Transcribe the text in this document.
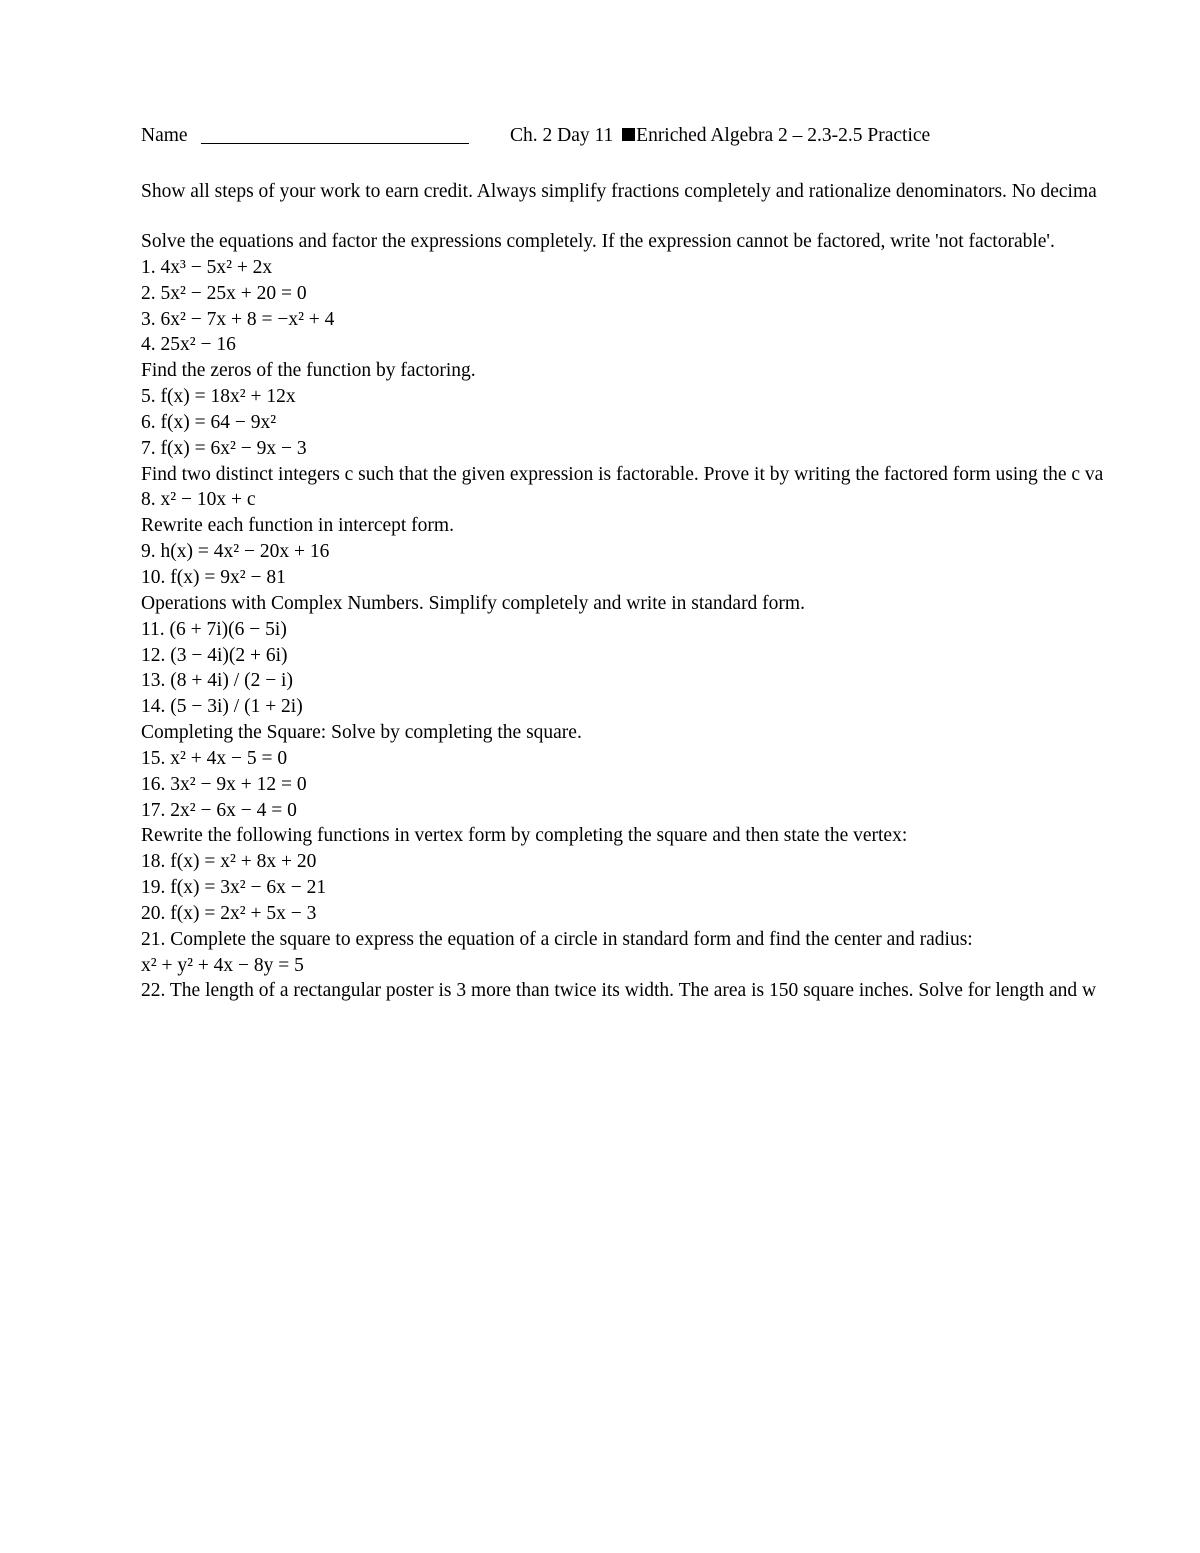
Name	Ch. 2 Day 11 Enriched Algebra 2 – 2.3-2.5 Practice
Show all steps of your work to earn credit. Always simplify fractions completely and rationalize denominators. No decima
Solve the equations and factor the expressions completely. If the expression cannot be factored, write 'not factorable'.
1. 4x³ − 5x² + 2x
2. 5x² − 25x + 20 = 0
3. 6x² − 7x + 8 = −x² + 4
4. 25x² − 16
Find the zeros of the function by factoring.
5. f(x) = 18x² + 12x
6. f(x) = 64 − 9x²
7. f(x) = 6x² − 9x − 3
Find two distinct integers c such that the given expression is factorable. Prove it by writing the factored form using the c va
8. x² − 10x + c
Rewrite each function in intercept form.
9. h(x) = 4x² − 20x + 16
10. f(x) = 9x² − 81
Operations with Complex Numbers. Simplify completely and write in standard form.
11. (6 + 7i)(6 − 5i)
12. (3 − 4i)(2 + 6i)
13. (8 + 4i) / (2 − i)
14. (5 − 3i) / (1 + 2i)
Completing the Square: Solve by completing the square.
15. x² + 4x − 5 = 0
16. 3x² − 9x + 12 = 0
17. 2x² − 6x − 4 = 0
Rewrite the following functions in vertex form by completing the square and then state the vertex:
18. f(x) = x² + 8x + 20
19. f(x) = 3x² − 6x − 21
20. f(x) = 2x² + 5x − 3
21. Complete the square to express the equation of a circle in standard form and find the center and radius:
x² + y² + 4x − 8y = 5
22. The length of a rectangular poster is 3 more than twice its width. The area is 150 square inches. Solve for length and w
